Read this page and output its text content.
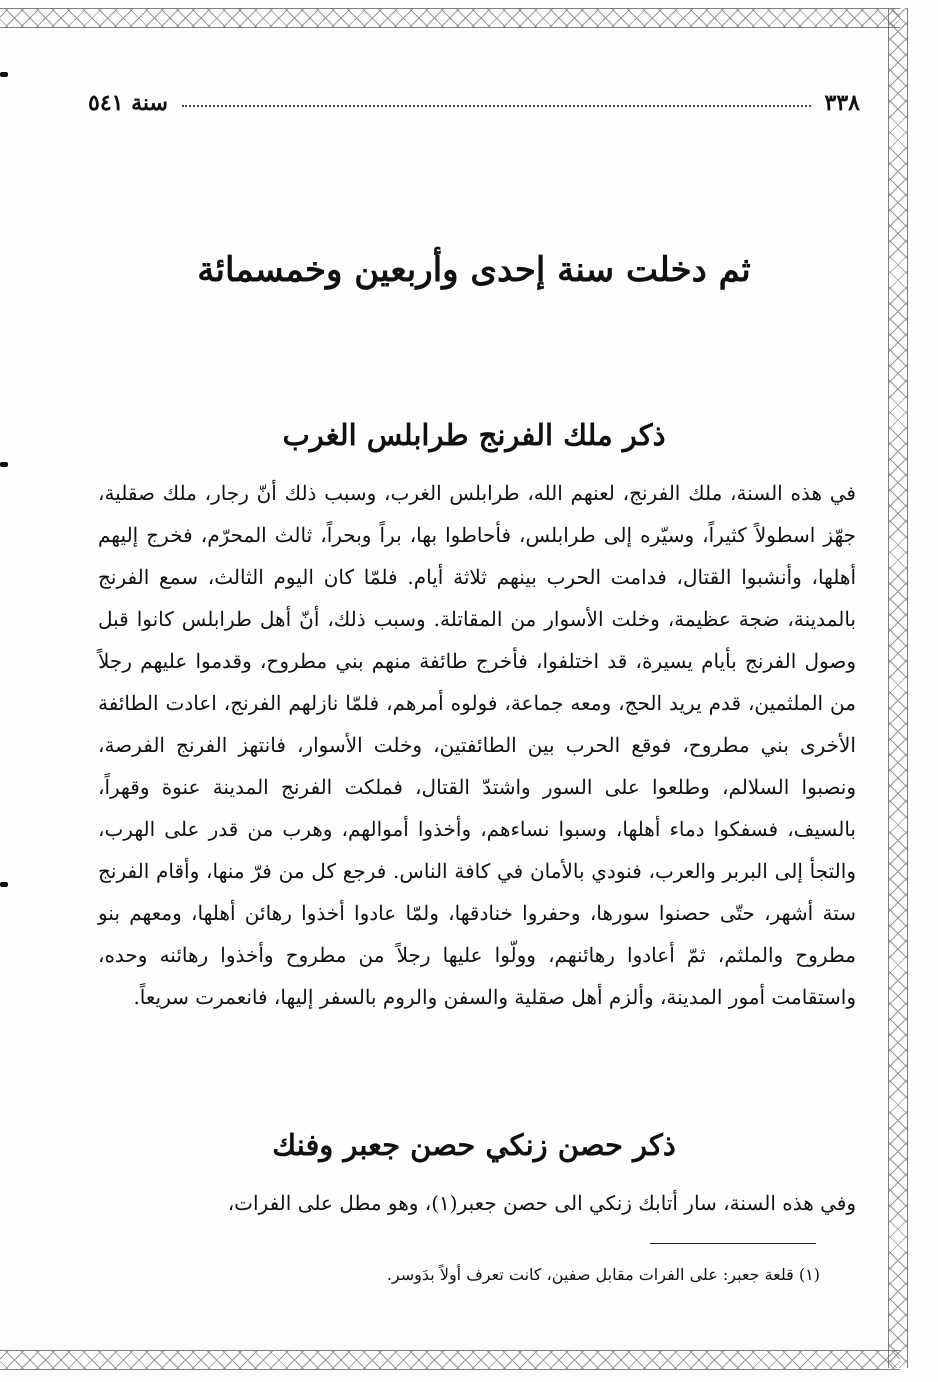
٣٣٨
سنة ٥٤١
ثم دخلت سنة إحدى وأربعين وخمسمائة
ذكر ملك الفرنج طرابلس الغرب

في هذه السنة، ملك الفرنج، لعنهم الله، طرابلس الغرب، وسبب ذلك أنّ رجار، ملك صقلية، جهّز اسطولاً كثيراً، وسيّره إلى طرابلس، فأحاطوا بها، براً وبحراً، ثالث المحرّم، فخرج إليهم أهلها، وأنشبوا القتال، فدامت الحرب بينهم ثلاثة أيام. فلمّا كان اليوم الثالث، سمع الفرنج بالمدينة، ضجة عظيمة، وخلت الأسوار من المقاتلة. وسبب ذلك، أنّ أهل طرابلس كانوا قبل وصول الفرنج بأيام يسيرة، قد اختلفوا، فأخرج طائفة منهم بني مطروح، وقدموا عليهم رجلاً من الملثمين، قدم يريد الحج، ومعه جماعة، فولوه أمرهم، فلمّا نازلهم الفرنج، اعادت الطائفة الأخرى بني مطروح، فوقع الحرب بين الطائفتين، وخلت الأسوار، فانتهز الفرنج الفرصة، ونصبوا السلالم، وطلعوا على السور واشتدّ القتال، فملكت الفرنج المدينة عنوة وقهراً، بالسيف، فسفكوا دماء أهلها، وسبوا نساءهم، وأخذوا أموالهم، وهرب من قدر على الهرب، والتجأ إلى البربر والعرب، فنودي بالأمان في كافة الناس. فرجع كل من فرّ منها، وأقام الفرنج ستة أشهر، حتّى حصنوا سورها، وحفروا خنادقها، ولمّا عادوا أخذوا رهائن أهلها، ومعهم بنو مطروح والملثم، ثمّ أعادوا رهائنهم، وولّوا عليها رجلاً من مطروح وأخذوا رهائنه وحده، واستقامت أمور المدينة، وألزم أهل صقلية والسفن والروم بالسفر إليها، فانعمرت سريعاً.

ذكر حصن زنكي حصن جعبر وفنك

وفي هذه السنة، سار أتابك زنكي الى حصن جعبر(١)، وهو مطل على الفرات،

(١) قلعة جعبر: على الفرات مقابل صفين، كانت تعرف أولاً بدَوسر.
